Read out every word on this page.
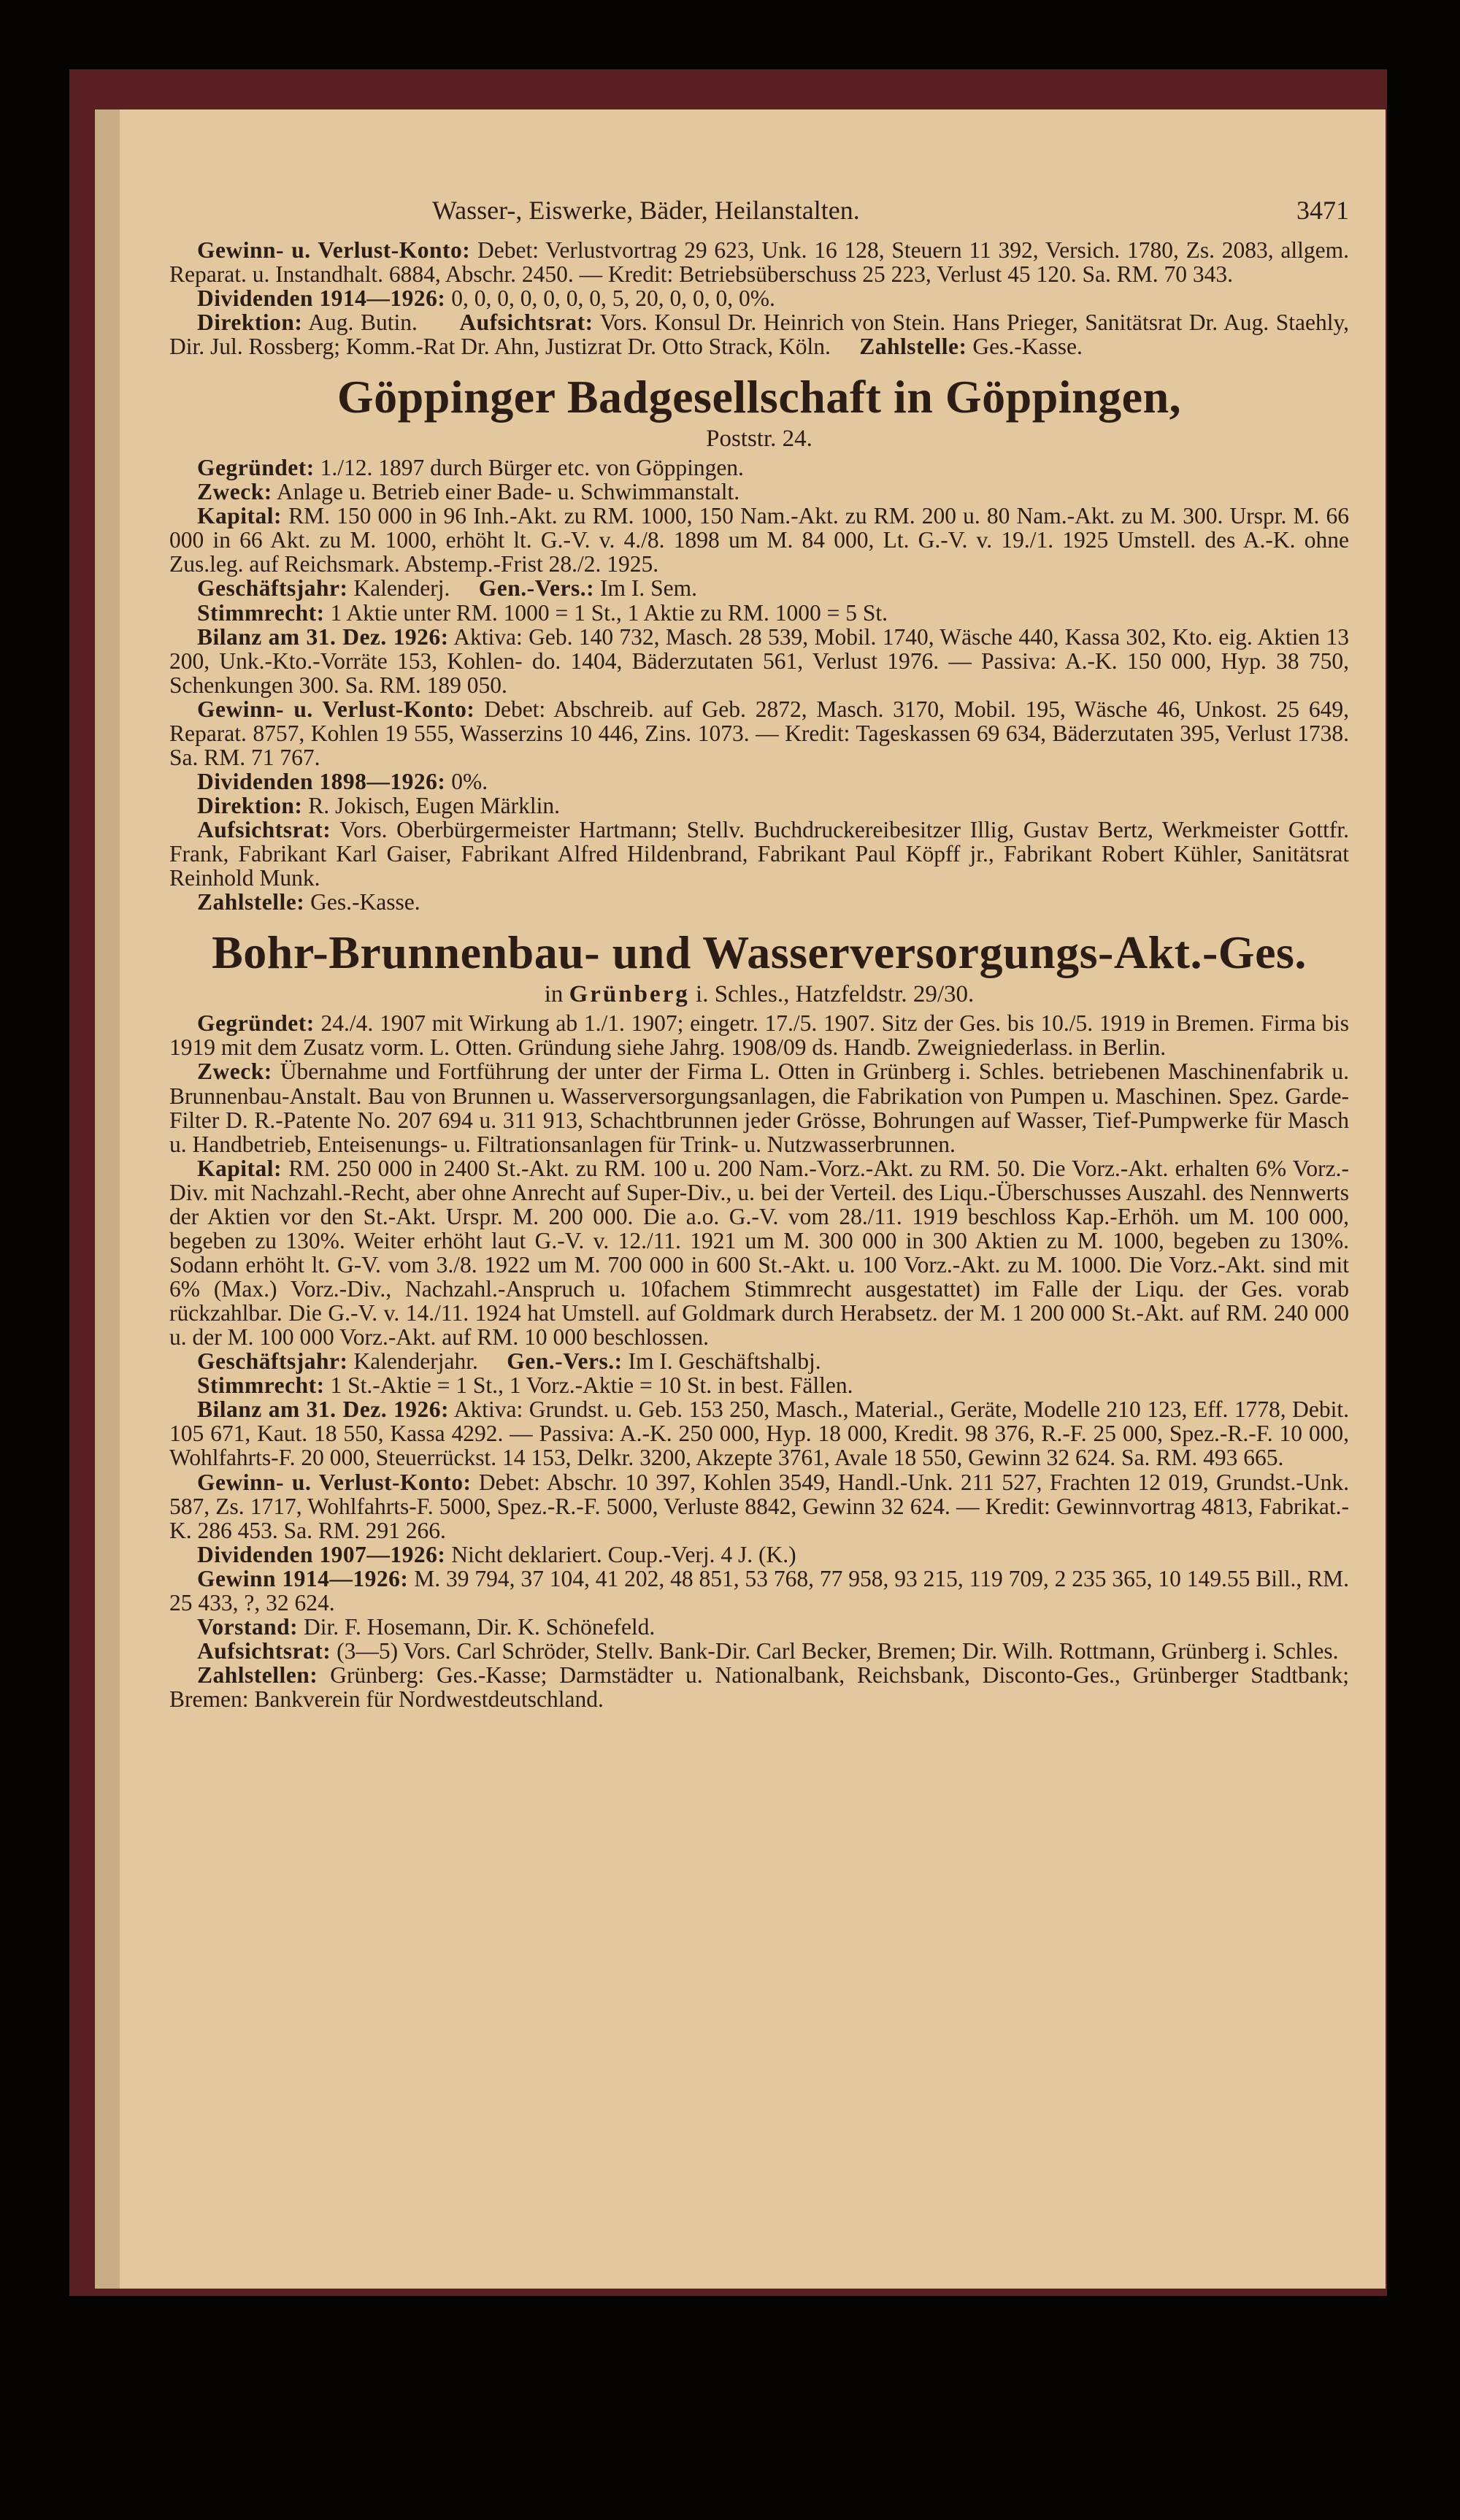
Wasser-, Eiswerke, Bäder, Heilanstalten.	3471

Gewinn- u. Verlust-Konto: Debet: Verlustvortrag 29 623, Unk. 16 128, Steuern 11 392, Versich. 1780, Zs. 2083, allgem. Reparat. u. Instandhalt. 6884, Abschr. 2450. — Kredit: Betriebsüberschuss 25 223, Verlust 45 120. Sa. RM. 70 343.

Dividenden 1914—1926: 0, 0, 0, 0, 0, 0, 0, 5, 20, 0, 0, 0, 0%.

Direktion: Aug. Butin. Aufsichtsrat: Vors. Konsul Dr. Heinrich von Stein. Hans Prieger, Sanitätsrat Dr. Aug. Staehly, Dir. Jul. Rossberg; Komm.-Rat Dr. Ahn, Justizrat Dr. Otto Strack, Köln. Zahlstelle: Ges.-Kasse.

Göppinger Badgesellschaft in Göppingen,
Poststr. 24.

Gegründet: 1./12. 1897 durch Bürger etc. von Göppingen.

Zweck: Anlage u. Betrieb einer Bade- u. Schwimmanstalt.

Kapital: RM. 150 000 in 96 Inh.-Akt. zu RM. 1000, 150 Nam.-Akt. zu RM. 200 u. 80 Nam.-Akt. zu M. 300. Urspr. M. 66 000 in 66 Akt. zu M. 1000, erhöht lt. G.-V. v. 4./8. 1898 um M. 84 000, Lt. G.-V. v. 19./1. 1925 Umstell. des A.-K. ohne Zus.leg. auf Reichsmark. Abstemp.-Frist 28./2. 1925.

Geschäftsjahr: Kalenderj. Gen.-Vers.: Im I. Sem.

Stimmrecht: 1 Aktie unter RM. 1000 = 1 St., 1 Aktie zu RM. 1000 = 5 St.

Bilanz am 31. Dez. 1926: Aktiva: Geb. 140 732, Masch. 28 539, Mobil. 1740, Wäsche 440, Kassa 302, Kto. eig. Aktien 13 200, Unk.-Kto.-Vorräte 153, Kohlen- do. 1404, Bäderzutaten 561, Verlust 1976. — Passiva: A.-K. 150 000, Hyp. 38 750, Schenkungen 300. Sa. RM. 189 050.

Gewinn- u. Verlust-Konto: Debet: Abschreib. auf Geb. 2872, Masch. 3170, Mobil. 195, Wäsche 46, Unkost. 25 649, Reparat. 8757, Kohlen 19 555, Wasserzins 10 446, Zins. 1073. — Kredit: Tageskassen 69 634, Bäderzutaten 395, Verlust 1738. Sa. RM. 71 767.

Dividenden 1898—1926: 0%.

Direktion: R. Jokisch, Eugen Märklin.

Aufsichtsrat: Vors. Oberbürgermeister Hartmann; Stellv. Buchdruckereibesitzer Illig, Gustav Bertz, Werkmeister Gottfr. Frank, Fabrikant Karl Gaiser, Fabrikant Alfred Hildenbrand, Fabrikant Paul Köpff jr., Fabrikant Robert Kühler, Sanitätsrat Reinhold Munk.

Zahlstelle: Ges.-Kasse.

Bohr-Brunnenbau- und Wasserversorgungs-Akt.-Ges.
in Grünberg i. Schles., Hatzfeldstr. 29/30.

Gegründet: 24./4. 1907 mit Wirkung ab 1./1. 1907; eingetr. 17./5. 1907. Sitz der Ges. bis 10./5. 1919 in Bremen. Firma bis 1919 mit dem Zusatz vorm. L. Otten. Gründung siehe Jahrg. 1908/09 ds. Handb. Zweigniederlass. in Berlin.

Zweck: Übernahme und Fortführung der unter der Firma L. Otten in Grünberg i. Schles. betriebenen Maschinenfabrik u. Brunnenbau-Anstalt. Bau von Brunnen u. Wasserversorgungsanlagen, die Fabrikation von Pumpen u. Maschinen. Spez. Garde-Filter D. R.-Patente No. 207 694 u. 311 913, Schachtbrunnen jeder Grösse, Bohrungen auf Wasser, Tief-Pumpwerke für Masch u. Handbetrieb, Enteisenungs- u. Filtrationsanlagen für Trink- u. Nutzwasserbrunnen.

Kapital: RM. 250 000 in 2400 St.-Akt. zu RM. 100 u. 200 Nam.-Vorz.-Akt. zu RM. 50. Die Vorz.-Akt. erhalten 6% Vorz.-Div. mit Nachzahl.-Recht, aber ohne Anrecht auf Super-Div., u. bei der Verteil. des Liqu.-Überschusses Auszahl. des Nennwerts der Aktien vor den St.-Akt. Urspr. M. 200 000. Die a.o. G.-V. vom 28./11. 1919 beschloss Kap.-Erhöh. um M. 100 000, begeben zu 130%. Weiter erhöht laut G.-V. v. 12./11. 1921 um M. 300 000 in 300 Aktien zu M. 1000, begeben zu 130%. Sodann erhöht lt. G-V. vom 3./8. 1922 um M. 700 000 in 600 St.-Akt. u. 100 Vorz.-Akt. zu M. 1000. Die Vorz.-Akt. sind mit 6% (Max.) Vorz.-Div., Nachzahl.-Anspruch u. 10fachem Stimmrecht ausgestattet) im Falle der Liqu. der Ges. vorab rückzahlbar. Die G.-V. v. 14./11. 1924 hat Umstell. auf Goldmark durch Herabsetz. der M. 1 200 000 St.-Akt. auf RM. 240 000 u. der M. 100 000 Vorz.-Akt. auf RM. 10 000 beschlossen.

Geschäftsjahr: Kalenderjahr. Gen.-Vers.: Im I. Geschäftshalbj.

Stimmrecht: 1 St.-Aktie = 1 St., 1 Vorz.-Aktie = 10 St. in best. Fällen.

Bilanz am 31. Dez. 1926: Aktiva: Grundst. u. Geb. 153 250, Masch., Material., Geräte, Modelle 210 123, Eff. 1778, Debit. 105 671, Kaut. 18 550, Kassa 4292. — Passiva: A.-K. 250 000, Hyp. 18 000, Kredit. 98 376, R.-F. 25 000, Spez.-R.-F. 10 000, Wohlfahrts-F. 20 000, Steuerrückst. 14 153, Delkr. 3200, Akzepte 3761, Avale 18 550, Gewinn 32 624. Sa. RM. 493 665.

Gewinn- u. Verlust-Konto: Debet: Abschr. 10 397, Kohlen 3549, Handl.-Unk. 211 527, Frachten 12 019, Grundst.-Unk. 587, Zs. 1717, Wohlfahrts-F. 5000, Spez.-R.-F. 5000, Verluste 8842, Gewinn 32 624. — Kredit: Gewinnvortrag 4813, Fabrikat.-K. 286 453. Sa. RM. 291 266.

Dividenden 1907—1926: Nicht deklariert. Coup.-Verj. 4 J. (K.)

Gewinn 1914—1926: M. 39 794, 37 104, 41 202, 48 851, 53 768, 77 958, 93 215, 119 709, 2 235 365, 10 149.55 Bill., RM. 25 433, ?, 32 624.

Vorstand: Dir. F. Hosemann, Dir. K. Schönefeld.

Aufsichtsrat: (3—5) Vors. Carl Schröder, Stellv. Bank-Dir. Carl Becker, Bremen; Dir. Wilh. Rottmann, Grünberg i. Schles.

Zahlstellen: Grünberg: Ges.-Kasse; Darmstädter u. Nationalbank, Reichsbank, Disconto-Ges., Grünberger Stadtbank; Bremen: Bankverein für Nordwestdeutschland.
